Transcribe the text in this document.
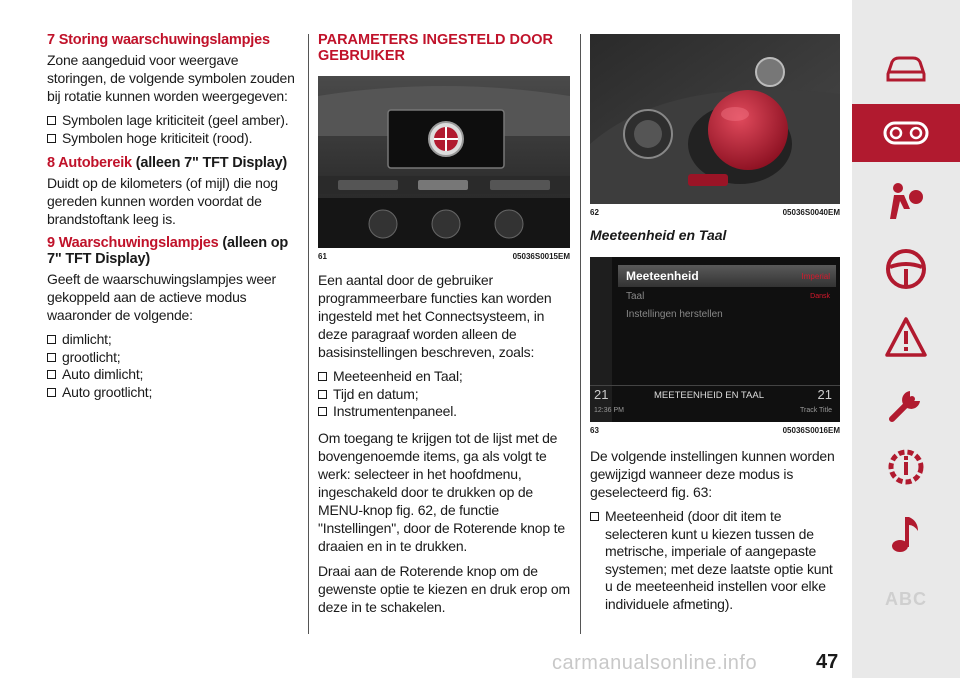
7 Storing waarschuwingslampjes

Zone aangeduid voor weergave storingen, de volgende symbolen zouden bij rotatie kunnen worden weergegeven:

Symbolen lage kriticiteit (geel amber).
Symbolen hoge kriticiteit (rood).
8 Autobereik (alleen 7" TFT Display)

Duidt op de kilometers (of mijl) die nog gereden kunnen worden voordat de brandstoftank leeg is.

9 Waarschuwingslampjes (alleen op 7" TFT Display)

Geeft de waarschuwingslampjes weer gekoppeld aan de actieve modus waaronder de volgende:

dimlicht;
grootlicht;
Auto dimlicht;
Auto grootlicht;
PARAMETERS INGESTELD DOOR GEBRUIKER
61	05036S0015EM

Een aantal door de gebruiker programmeerbare functies kan worden ingesteld met het Connectsysteem, in deze paragraaf worden alleen de basisinstellingen beschreven, zoals:

Meeteenheid en Taal;
Tijd en datum;
Instrumentenpaneel.

Om toegang te krijgen tot de lijst met de bovengenoemde items, ga als volgt te werk: selecteer in het hoofdmenu, ingeschakeld door te drukken op de MENU-knop fig. 62, de functie "Instellingen", door de Roterende knop te draaien en in te drukken.

Draai aan de Roterende knop om de gewenste optie te kiezen en druk erop om deze in te schakelen.

62	05036S0040EM
Meeteenheid en Taal
Meeteenheid	Imperial
Taal	Dansk
Instellingen herstellen
21	MEETEENHEID EN TAAL	21
12:36 PM	Track Title
63	05036S0016EM

De volgende instellingen kunnen worden gewijzigd wanneer deze modus is geselecteerd fig. 63:

Meeteenheid (door dit item te selecteren kunt u kiezen tussen de metrische, imperiale of aangepaste systemen; met deze laatste optie kunt u de meeteenheid instellen voor elke individuele afmeting).	ABC
carmanualsonline.info	47
